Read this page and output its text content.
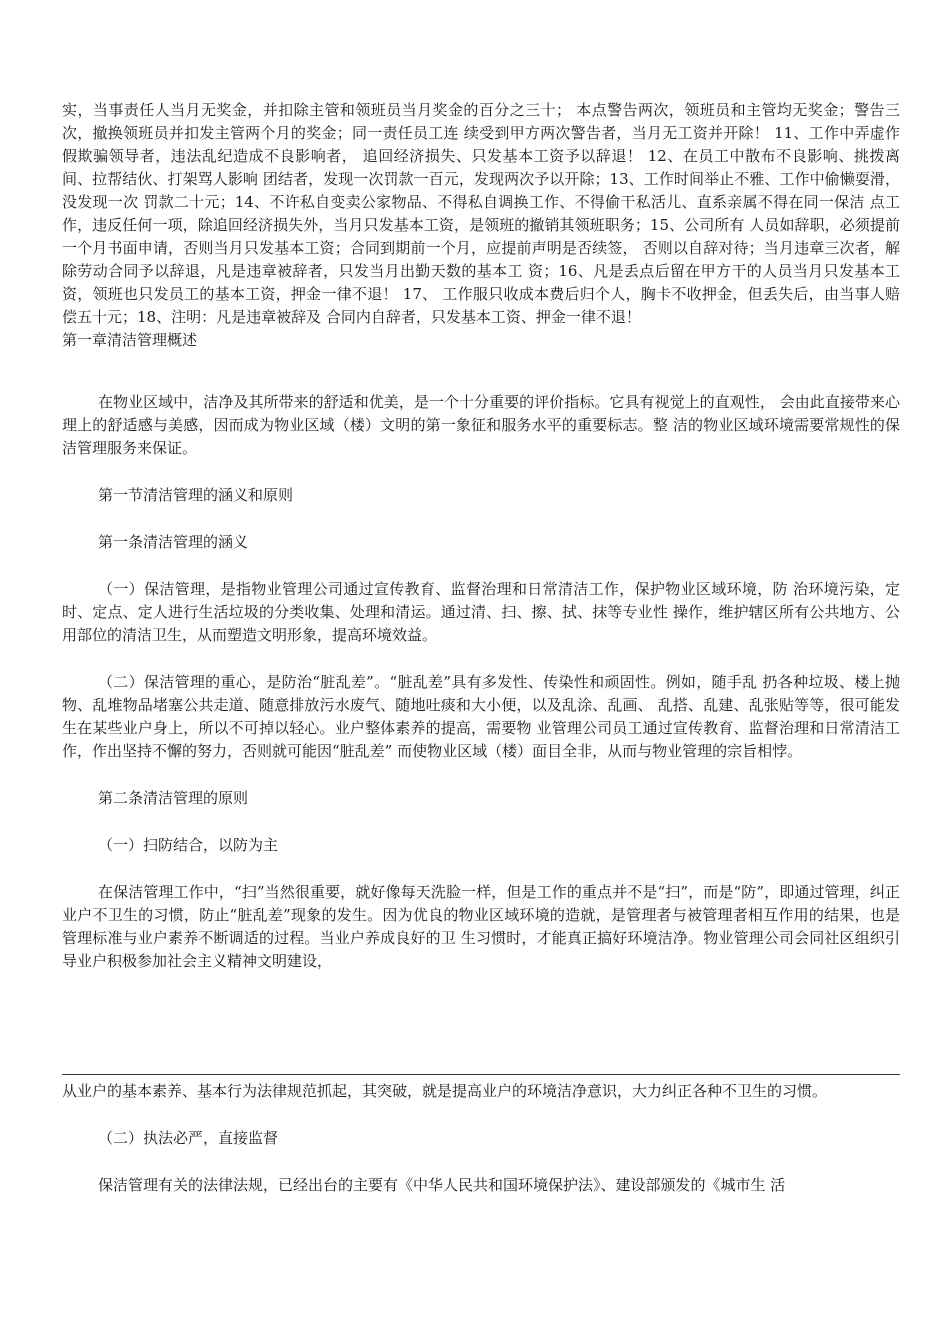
实，当事责任人当月无奖金，并扣除主管和领班员当月奖金的百分之三十； 本点警告两次，领班员和主管均无奖金；警告三次，撤换领班员并扣发主管两个月的奖金；同一责任员工连 续受到甲方两次警告者，当月无工资并开除！ 11、工作中弄虚作假欺骗领导者，违法乱纪造成不良影响者， 追回经济损失、只发基本工资予以辞退！ 12、在员工中散布不良影响、挑拨离间、拉帮结伙、打架骂人影响 团结者，发现一次罚款一百元，发现两次予以开除；13、工作时间举止不雅、工作中偷懒耍滑，没发现一次 罚款二十元；14、不许私自变卖公家物品、不得私自调换工作、不得偷干私活儿、直系亲属不得在同一保洁 点工作，违反任何一项，除追回经济损失外，当月只发基本工资，是领班的撤销其领班职务；15、公司所有 人员如辞职，必须提前一个月书面申请，否则当月只发基本工资；合同到期前一个月，应提前声明是否续签， 否则以自辞对待；当月违章三次者，解除劳动合同予以辞退，凡是违章被辞者，只发当月出勤天数的基本工 资；16、凡是丢点后留在甲方干的人员当月只发基本工资，领班也只发员工的基本工资，押金一律不退！ 17、 工作服只收成本费后归个人，胸卡不收押金，但丢失后，由当事人赔偿五十元；18、注明：凡是违章被辞及 合同内自辞者，只发基本工资、押金一律不退！

第一章清洁管理概述

在物业区域中，洁净及其所带来的舒适和优美，是一个十分重要的评价指标。它具有视觉上的直观性， 会由此直接带来心理上的舒适感与美感，因而成为物业区域（楼）文明的第一象征和服务水平的重要标志。整 洁的物业区域环境需要常规性的保洁管理服务来保证。

第一节清洁管理的涵义和原则

第一条清洁管理的涵义

（一）保洁管理，是指物业管理公司通过宣传教育、监督治理和日常清洁工作，保护物业区域环境，防 治环境污染，定时、定点、定人进行生活垃圾的分类收集、处理和清运。通过清、扫、擦、拭、抹等专业性 操作，维护辖区所有公共地方、公用部位的清洁卫生，从而塑造文明形象，提高环境效益。

（二）保洁管理的重心，是防治“脏乱差”。“脏乱差”具有多发性、传染性和顽固性。例如，随手乱 扔各种垃圾、楼上抛物、乱堆物品堵塞公共走道、随意排放污水废气、随地吐痰和大小便，以及乱涂、乱画、 乱搭、乱建、乱张贴等等，很可能发生在某些业户身上，所以不可掉以轻心。业户整体素养的提高，需要物 业管理公司员工通过宣传教育、监督治理和日常清洁工作，作出坚持不懈的努力，否则就可能因“脏乱差” 而使物业区域（楼）面目全非，从而与物业管理的宗旨相悖。

第二条清洁管理的原则

（一）扫防结合，以防为主

在保洁管理工作中，“扫”当然很重要，就好像每天洗脸一样，但是工作的重点并不是“扫”，而是“防”，即通过管理，纠正业户不卫生的习惯，防止“脏乱差”现象的发生。因为优良的物业区域环境的造就，是管理者与被管理者相互作用的结果，也是管理标准与业户素养不断调适的过程。当业户养成良好的卫 生习惯时，才能真正搞好环境洁净。物业管理公司会同社区组织引导业户积极参加社会主义精神文明建设，

从业户的基本素养、基本行为法律规范抓起，其突破，就是提高业户的环境洁净意识，大力纠正各种不卫生的习惯。

（二）执法必严，直接监督

保洁管理有关的法律法规，已经出台的主要有《中华人民共和国环境保护法》、建设部颁发的《城市生 活
